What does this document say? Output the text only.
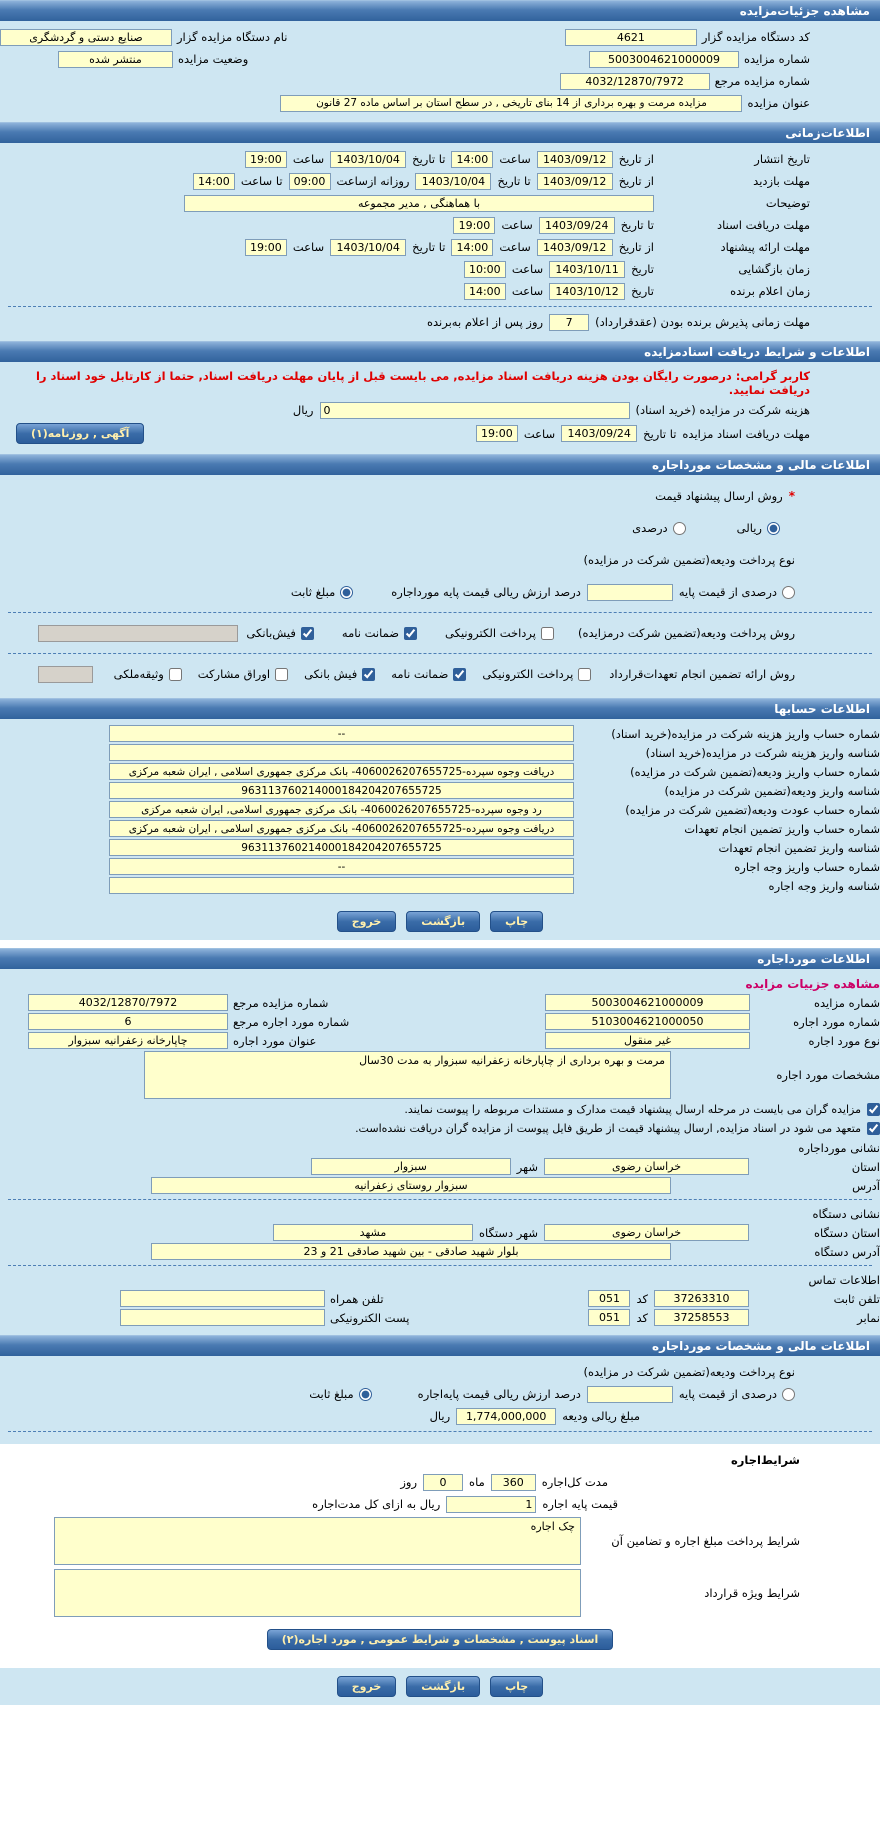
مشاهده جزئیات‌مزایده
کد دستگاه مزایده گزار
4621
نام دستگاه مزایده گزار
صنایع دستی و گردشگری
شماره مزایده
5003004621000009
وضعیت مزایده
منتشر شده
شماره مزایده مرجع
4032/12870/7972
عنوان مزایده
مزایده مرمت و بهره برداری از 14 بنای تاریخی , در سطح استان بر اساس ماده 27 قانون
اطلاعات‌زمانی
تاریخ انتشار
از تاریخ
1403/09/12
ساعت
14:00
تا تاریخ
1403/10/04
ساعت
19:00
مهلت بازدید
از تاریخ
1403/09/12
تا تاریخ
1403/10/04
روزانه از‌ساعت
09:00
تا ساعت
14:00
توضیحات
با هماهنگی , مدیر مجموعه
مهلت دریافت اسناد
تا تاریخ
1403/09/24
ساعت
19:00
مهلت ارائه پیشنهاد
از تاریخ
1403/09/12
ساعت
14:00
تا تاریخ
1403/10/04
ساعت
19:00
زمان بازگشایی
تاریخ
1403/10/11
ساعت
10:00
زمان اعلام برنده
تاریخ
1403/10/12
ساعت
14:00
مهلت زمانی پذیرش برنده بودن (عقدقرارداد)
7
روز پس از اعلام به‌برنده
اطلاعات و شرایط دریافت اسنادمزایده
کاربر گرامی: درصورت رایگان بودن هزینه دریافت اسناد مزایده, می بایست قبل از پایان مهلت دریافت اسناد, حتما از کارتابل خود اسناد را دریافت نمایید.
هزینه شرکت در مزایده (خرید اسناد)
0
ریال
مهلت دریافت اسناد مزایده
تا تاریخ
1403/09/24
ساعت
19:00
آگهی , روزنامه(۱)
اطلاعات مالی و مشخصات مورداجاره
*
روش ارسال پیشنهاد قیمت
ریالی
درصدی
نوع پرداخت ودیعه(تضمین شرکت در مزایده)
درصدی از قیمت پایه
درصد ارزش ریالی قیمت پایه مورداجاره
مبلغ ثابت
روش پرداخت ودیعه(تضمین شرکت درمزایده)
پرداخت الکترونیکی
ضمانت نامه
فیش‌بانکی
روش ارائه تضمین انجام تعهدات‌قرارداد
پرداخت الکترونیکی
ضمانت نامه
فیش بانکی
اوراق مشارکت
وثیقه‌ملکی
اطلاعات حسابها
شماره حساب واریز هزینه شرکت در مزایده(خرید اسناد)
--
شناسه واریز هزینه شرکت در مزایده(خرید اسناد)
شماره حساب واریز ودیعه(تضمین شرکت در مزایده)
دریافت وجوه سپرده-4060026207655725- بانک مرکزی جمهوری اسلامی , ایران شعبه مرکزی
شناسه واریز ودیعه(تضمین شرکت در مزایده)
963113760214000184204207655725
شماره حساب عودت ودیعه(تضمین شرکت در مزایده)
رد وجوه سپرده-4060026207655725- بانک مرکزی جمهوری اسلامی, ایران شعبه مرکزی
شماره حساب واریز تضمین انجام تعهدات
دریافت وجوه سپرده-4060026207655725- بانک مرکزی جمهوری اسلامی , ایران شعبه مرکزی
شناسه واریز تضمین انجام تعهدات
963113760214000184204207655725
شماره حساب واریز وجه اجاره
--
شناسه واریز وجه اجاره
چاپ
بازگشت
خروج
اطلاعات مورداجاره
مشاهده جزییات مزایده
شماره مزایده
5003004621000009
شماره مزایده مرجع
4032/12870/7972
شماره مورد اجاره
5103004621000050
شماره مورد اجاره مرجع
6
نوع مورد اجاره
غیر منقول
عنوان مورد اجاره
چاپارخانه زعفرانیه سبزوار
مشخصات مورد اجاره
مرمت و بهره برداری از چاپارخانه زعفرانیه سبزوار به مدت 30سال
مزایده گران می بایست در مرحله ارسال پیشنهاد قیمت مدارک و مستندات مربوطه را پیوست نمایند.
متعهد می شود در اسناد مزایده, ارسال پیشنهاد قیمت از طریق فایل پیوست از مزایده گران دریافت نشده‌است.
نشانی مورداجاره
استان
خراسان رضوی
شهر
سبزوار
آدرس
سبزوار روستای زعفرانیه
نشانی دستگاه
استان دستگاه
خراسان رضوی
شهر دستگاه
مشهد
آدرس دستگاه
بلوار شهید صادقی - بین شهید صادقی 21 و 23
اطلاعات تماس
تلفن ثابت
37263310
کد
051
تلفن همراه
نمابر
37258553
کد
051
پست الکترونیکی
اطلاعات مالی و مشخصات مورداجاره
نوع پرداخت ودیعه(تضمین شرکت در مزایده)
درصدی از قیمت پایه
درصد ارزش ریالی قیمت پایه‌اجاره
مبلغ ثابت
مبلغ ریالی ودیعه
1,774,000,000
ریال
شرایط‌اجاره
مدت کل‌اجاره
360
ماه
0
روز
قیمت پایه اجاره
1
ریال به ازای کل مدت‌اجاره
شرایط پرداخت مبلغ اجاره و تضامین آن
چک اجاره
شرایط ویژه قرارداد
اسناد پیوست , مشخصات و شرایط عمومی , مورد اجاره(۲)
چاپ
بازگشت
خروج
